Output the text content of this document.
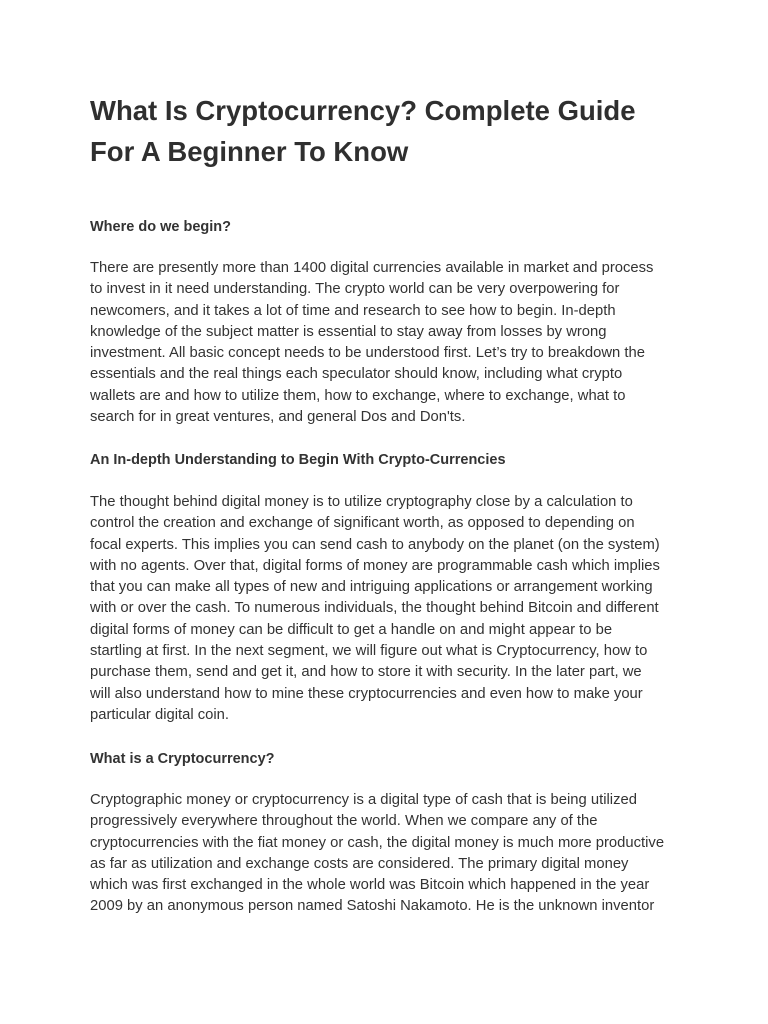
What Is Cryptocurrency? Complete Guide
For A Beginner To Know
Where do we begin?
There are presently more than 1400 digital currencies available in market and process
to invest in it need understanding. The crypto world can be very overpowering for
newcomers, and it takes a lot of time and research to see how to begin. In-depth
knowledge of the subject matter is essential to stay away from losses by wrong
investment. All basic concept needs to be understood first. Let’s try to breakdown the
essentials and the real things each speculator should know, including what crypto
wallets are and how to utilize them, how to exchange, where to exchange, what to
search for in great ventures, and general Dos and Don'ts.
An In-depth Understanding to Begin With Crypto-Currencies
The thought behind digital money is to utilize cryptography close by a calculation to
control the creation and exchange of significant worth, as opposed to depending on
focal experts. This implies you can send cash to anybody on the planet (on the system)
with no agents. Over that, digital forms of money are programmable cash which implies
that you can make all types of new and intriguing applications or arrangement working
with or over the cash. To numerous individuals, the thought behind Bitcoin and different
digital forms of money can be difficult to get a handle on and might appear to be
startling at first. In the next segment, we will figure out what is Cryptocurrency, how to
purchase them, send and get it, and how to store it with security. In the later part, we
will also understand how to mine these cryptocurrencies and even how to make your
particular digital coin.
What is a Cryptocurrency?
Cryptographic money or cryptocurrency is a digital type of cash that is being utilized
progressively everywhere throughout the world. When we compare any of the
cryptocurrencies with the fiat money or cash, the digital money is much more productive
as far as utilization and exchange costs are considered. The primary digital money
which was first exchanged in the whole world was Bitcoin which happened in the year
2009 by an anonymous person named Satoshi Nakamoto. He is the unknown inventor
